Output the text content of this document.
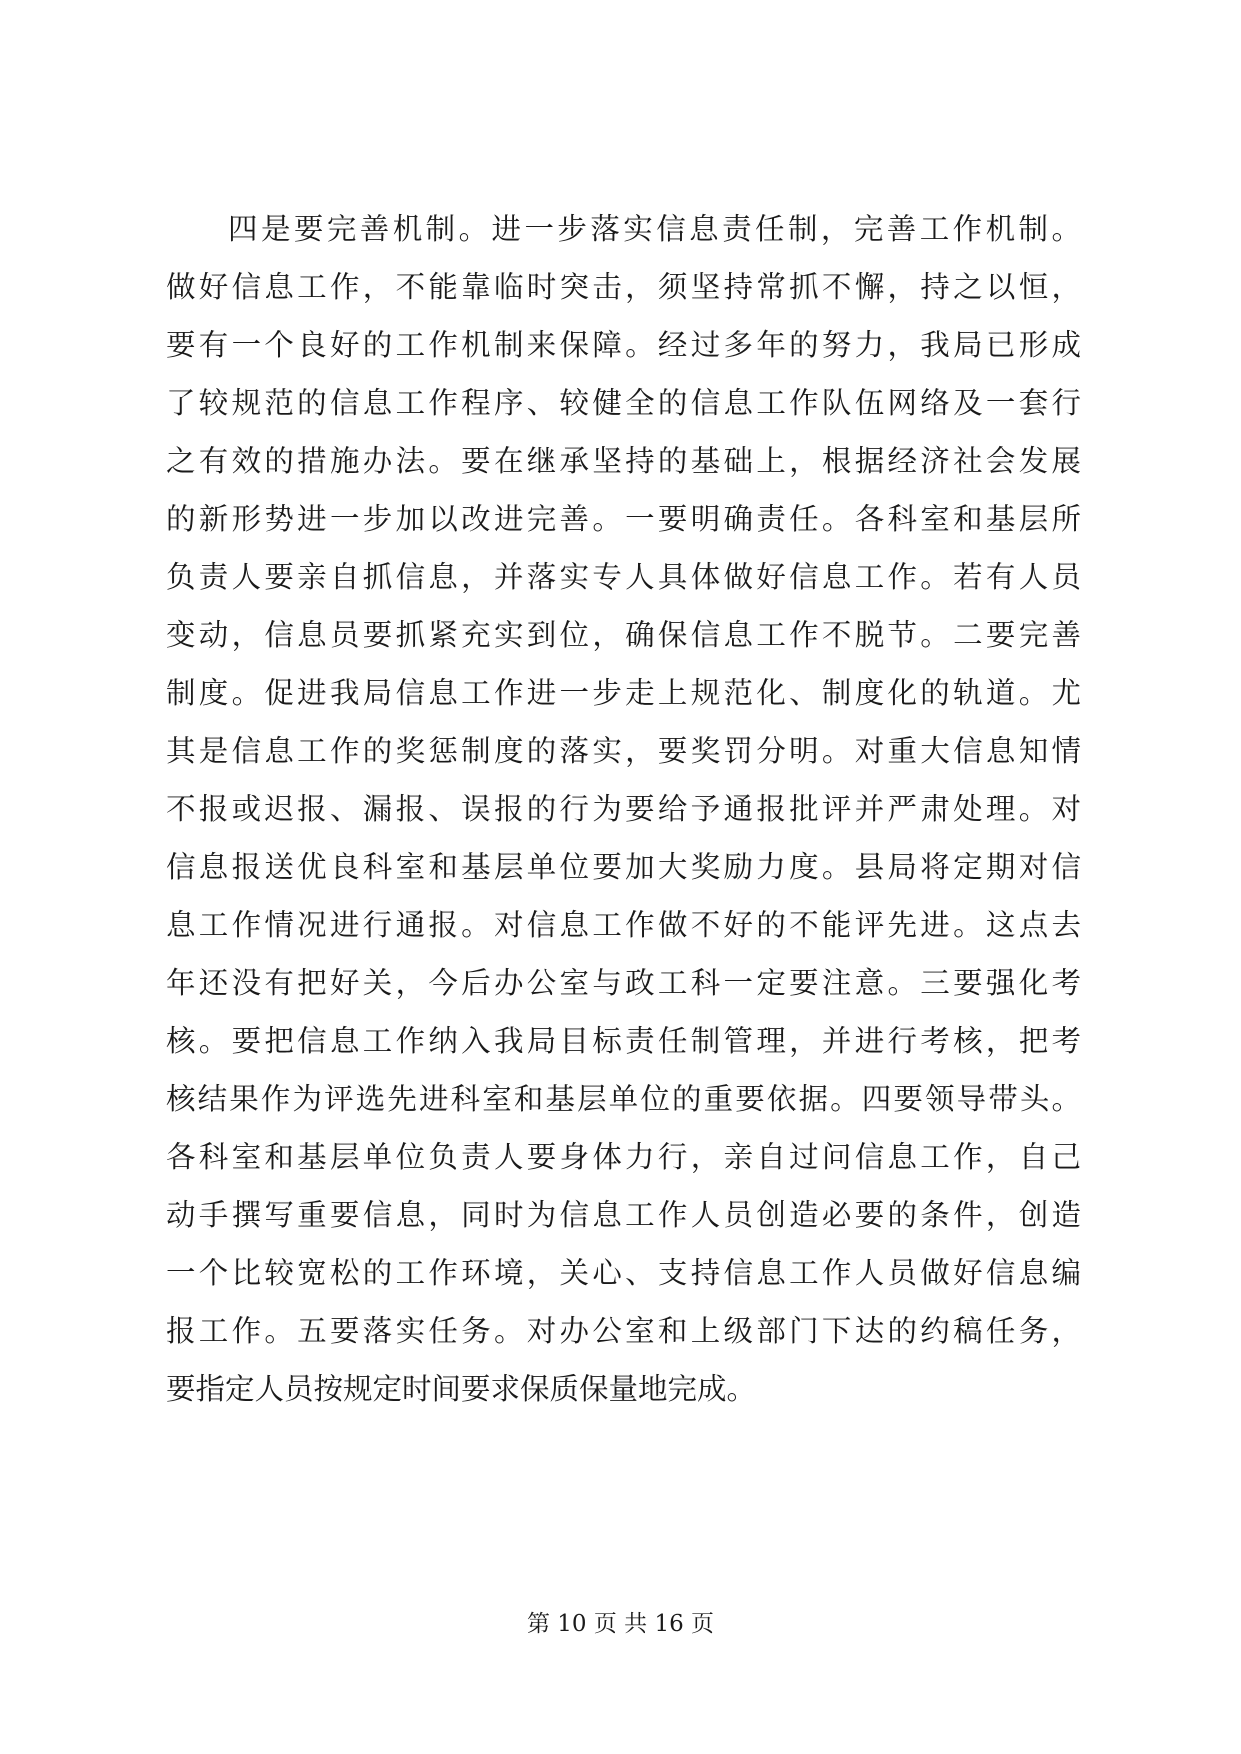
四是要完善机制。进一步落实信息责任制，完善工作机制。
做好信息工作，不能靠临时突击，须坚持常抓不懈，持之以恒，
要有一个良好的工作机制来保障。经过多年的努力，我局已形成
了较规范的信息工作程序、较健全的信息工作队伍网络及一套行
之有效的措施办法。要在继承坚持的基础上，根据经济社会发展
的新形势进一步加以改进完善。一要明确责任。各科室和基层所
负责人要亲自抓信息，并落实专人具体做好信息工作。若有人员
变动，信息员要抓紧充实到位，确保信息工作不脱节。二要完善
制度。促进我局信息工作进一步走上规范化、制度化的轨道。尤
其是信息工作的奖惩制度的落实，要奖罚分明。对重大信息知情
不报或迟报、漏报、误报的行为要给予通报批评并严肃处理。对
信息报送优良科室和基层单位要加大奖励力度。县局将定期对信
息工作情况进行通报。对信息工作做不好的不能评先进。这点去
年还没有把好关，今后办公室与政工科一定要注意。三要强化考
核。要把信息工作纳入我局目标责任制管理，并进行考核，把考
核结果作为评选先进科室和基层单位的重要依据。四要领导带头。
各科室和基层单位负责人要身体力行，亲自过问信息工作，自己
动手撰写重要信息，同时为信息工作人员创造必要的条件，创造
一个比较宽松的工作环境，关心、支持信息工作人员做好信息编
报工作。五要落实任务。对办公室和上级部门下达的约稿任务，
要指定人员按规定时间要求保质保量地完成。
第 10 页 共 16 页
